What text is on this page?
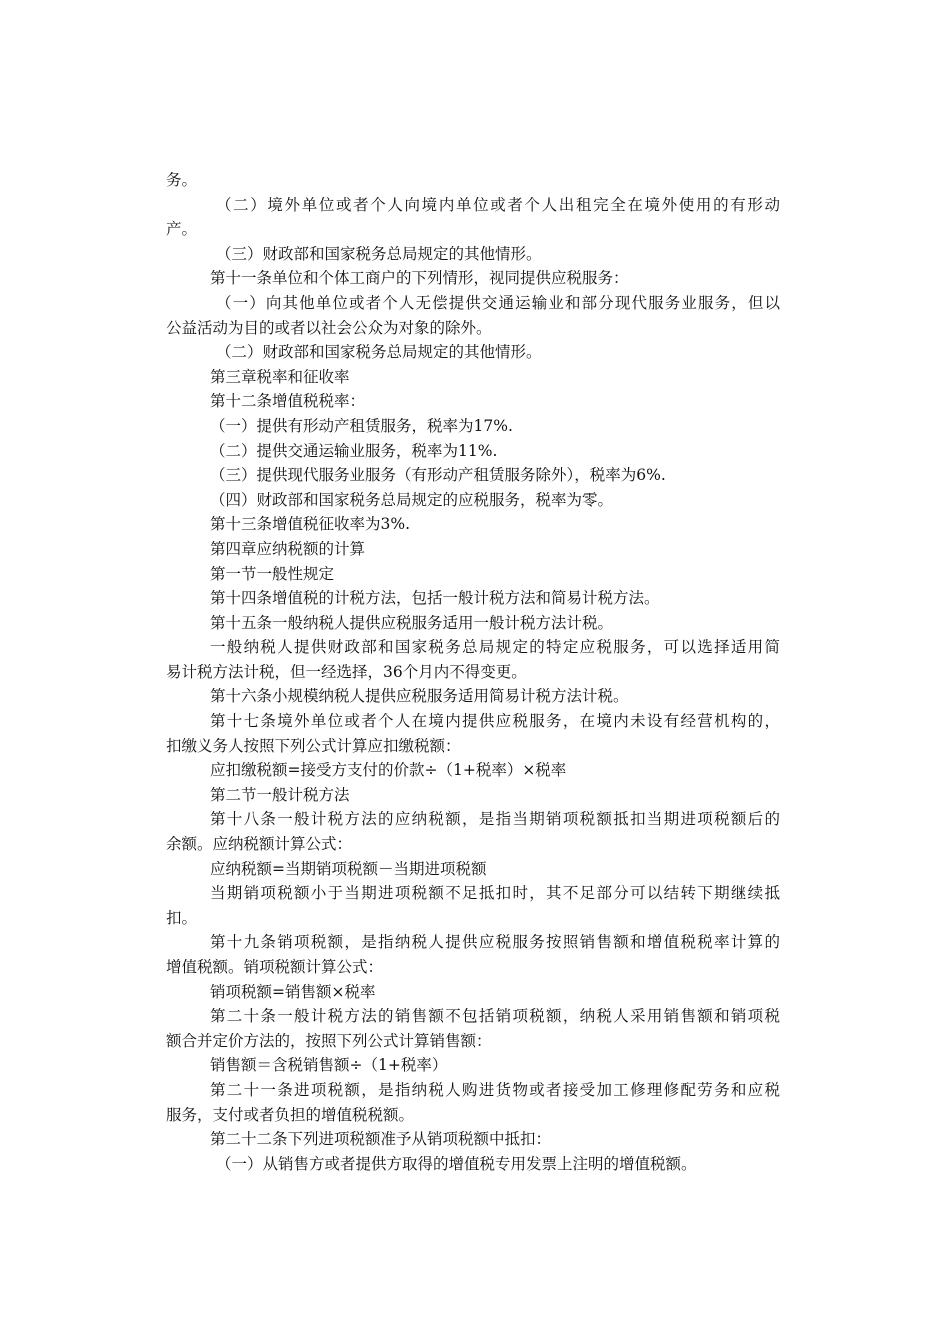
务。
（二）境外单位或者个人向境内单位或者个人出租完全在境外使用的有形动
产。
（三）财政部和国家税务总局规定的其他情形。
第十一条单位和个体工商户的下列情形，视同提供应税服务：
（一）向其他单位或者个人无偿提供交通运输业和部分现代服务业服务，但以
公益活动为目的或者以社会公众为对象的除外。
（二）财政部和国家税务总局规定的其他情形。
第三章税率和征收率
第十二条增值税税率：
（一）提供有形动产租赁服务，税率为17%.
（二）提供交通运输业服务，税率为11%.
（三）提供现代服务业服务（有形动产租赁服务除外），税率为6%.
（四）财政部和国家税务总局规定的应税服务，税率为零。
第十三条增值税征收率为3%.
第四章应纳税额的计算
第一节一般性规定
第十四条增值税的计税方法，包括一般计税方法和简易计税方法。
第十五条一般纳税人提供应税服务适用一般计税方法计税。
一般纳税人提供财政部和国家税务总局规定的特定应税服务，可以选择适用简
易计税方法计税，但一经选择，36个月内不得变更。
第十六条小规模纳税人提供应税服务适用简易计税方法计税。
第十七条境外单位或者个人在境内提供应税服务，在境内未设有经营机构的，
扣缴义务人按照下列公式计算应扣缴税额：
应扣缴税额=接受方支付的价款÷（1+税率）×税率
第二节一般计税方法
第十八条一般计税方法的应纳税额，是指当期销项税额抵扣当期进项税额后的
余额。应纳税额计算公式：
应纳税额=当期销项税额－当期进项税额
当期销项税额小于当期进项税额不足抵扣时，其不足部分可以结转下期继续抵
扣。
第十九条销项税额，是指纳税人提供应税服务按照销售额和增值税税率计算的
增值税额。销项税额计算公式：
销项税额=销售额×税率
第二十条一般计税方法的销售额不包括销项税额，纳税人采用销售额和销项税
额合并定价方法的，按照下列公式计算销售额：
销售额＝含税销售额÷（1+税率）
第二十一条进项税额，是指纳税人购进货物或者接受加工修理修配劳务和应税
服务，支付或者负担的增值税税额。
第二十二条下列进项税额准予从销项税额中抵扣：
（一）从销售方或者提供方取得的增值税专用发票上注明的增值税额。
